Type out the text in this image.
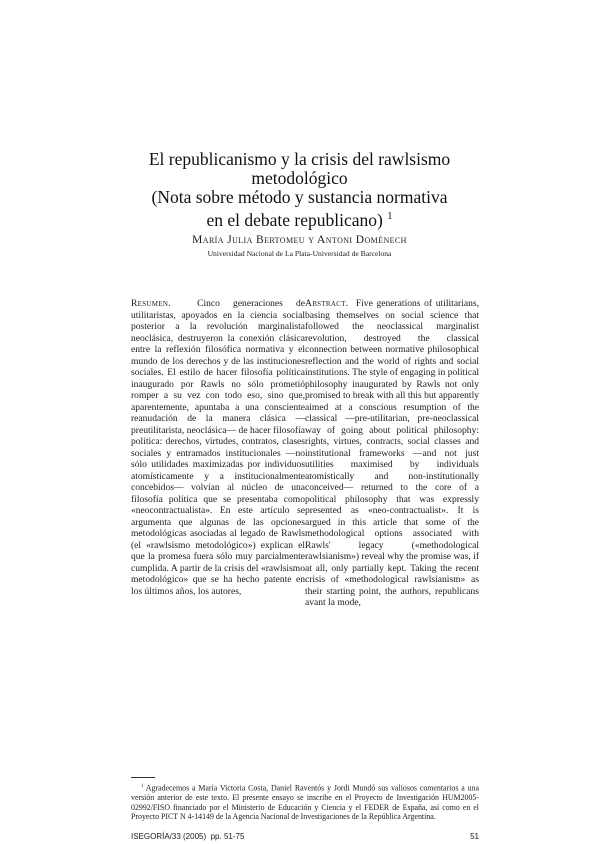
El republicanismo y la crisis del rawlsismo
metodológico
(Nota sobre método y sustancia normativa
en el debate republicano) $^1$
María Julia Bertomeu y Antoni Domènech
Universidad Nacional de La Plata-Universidad de Barcelona

Resumen.	Cinco generaciones de utilitaristas, apoyados en la ciencia social posterior a la revolución marginalista neoclásica, destruyeron la conexión clásica entre la reflexión filosófica normativa y el mundo de los derechos y de las instituciones sociales. El estilo de hacer filosofía política inaugurado por Rawls no sólo prometió romper a su vez con todo eso, sino que, aparentemente, apuntaba a una consciente reanudación de la manera clásica —preutilitarista, neoclásica— de hacer filosofía política: derechos, virtudes, contratos, clases sociales y entramados institucionales —no sólo utilidades maximizadas por individuos atomísticamente y a institucionalmente concebidos— volvían al núcleo de una filosofía política que se presentaba como «neocontractualista». En este artículo se argumenta que algunas de las opciones metodológicas asociadas al legado de Rawls (el «rawlsismo metodológico») explican el que la promesa fuera sólo muy parcialmente cumplida. A partir de la crisis del «rawlsismo metodológico» que se ha hecho patente en los últimos años, los autores,

Abstract. Five generations of utilitarians, basing themselves on social science that followed the neoclassical marginalist revolution, destroyed the classical connection between normative philosophical reflection and the world of rights and social institutions. The style of engaging in political philosophy inaugurated by Rawls not only promised to break with all this but apparently aimed at a conscious resumption of the classical —pre-utilitarian, pre-neoclassical way of going about political philosophy: rights, virtues, contracts, social classes and institutional frameworks —and not just utilities maximised by individuals atomistically and non-institutionally conceived— returned to the core of a political philosophy that was expressly presented as «neo-contractualist». It is argued in this article that some of the methodological options associated with Rawls' legacy («methodological rawlsianism») reveal why the promise was, if at all, only partially kept. Taking the recent crisis of «methodological rawlsianism» as their starting point, the authors, republicans avant la mode,

$^1$ Agradecemos a María Victoria Costa, Daniel Raventós y Jordi Mundó sus valiosos comentarios a una versión anterior de este texto. El presente ensayo se inscribe en el Proyecto de Investigación HUM2005-02992/FISO financiado por el Ministerio de Educación y Ciencia y el FEDER de España, así como en el Proyecto PICT N 4-14149 de la Agencia Nacional de Investigaciones de la República Argentina.

ISEGORÍA/33 (2005) pp. 51-75	51
